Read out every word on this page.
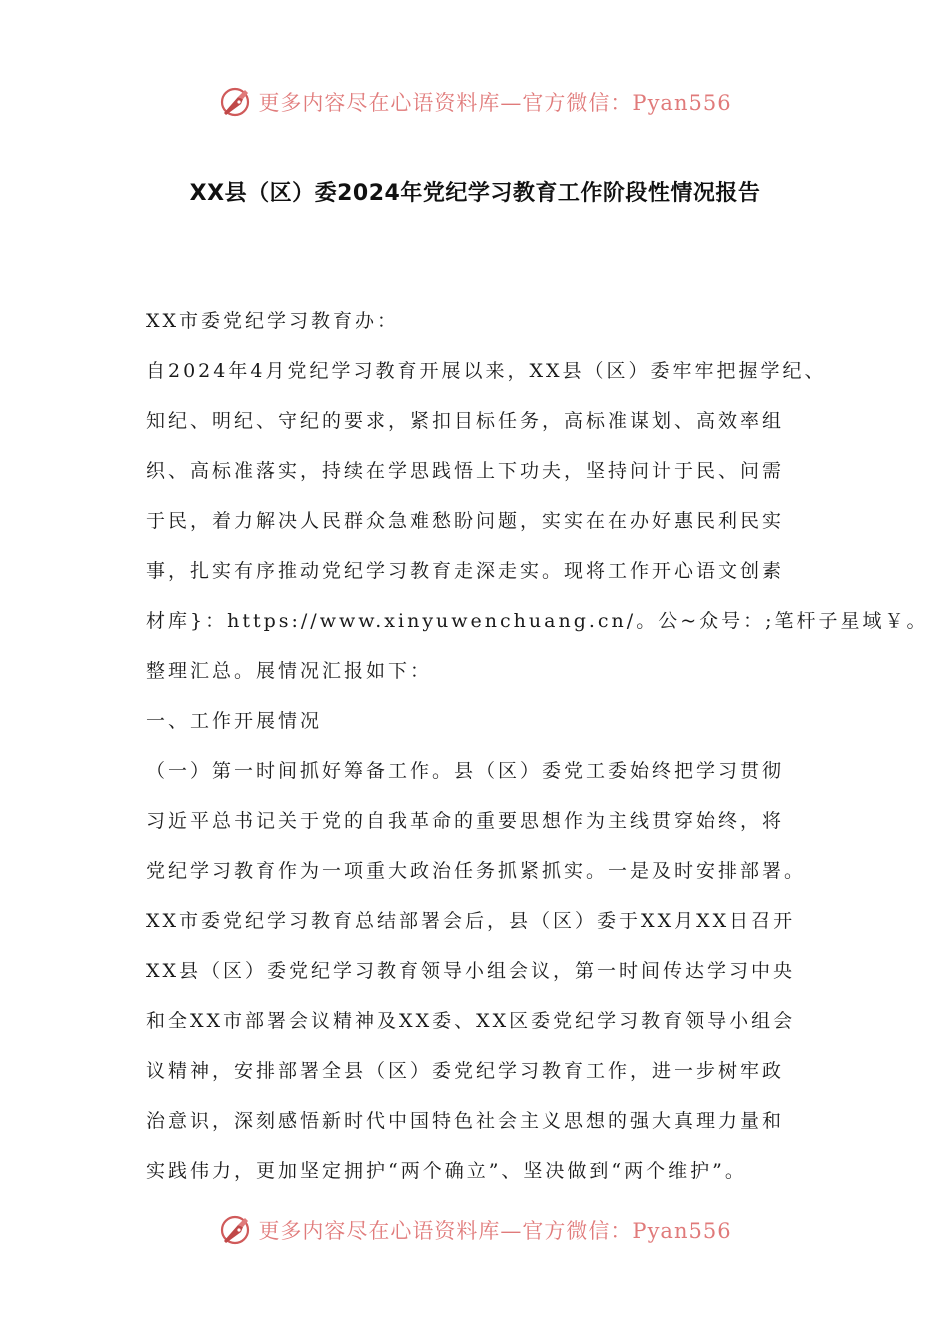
更多内容尽在心语资料库—官方微信：Pyan556
XX县（区）委2024年党纪学习教育工作阶段性情况报告
XX市委党纪学习教育办：
自2024年4月党纪学习教育开展以来，XX县（区）委牢牢把握学纪、
知纪、明纪、守纪的要求，紧扣目标任务，高标准谋划、高效率组
织、高标准落实，持续在学思践悟上下功夫，坚持问计于民、问需
于民，着力解决人民群众急难愁盼问题，实实在在办好惠民利民实
事，扎实有序推动党纪学习教育走深走实。现将工作开心语文创素
材库}：https://www.xinyuwenchuang.cn/。公~众号：;笔杆子星域￥。
整理汇总。展情况汇报如下：
一、工作开展情况
（一）第一时间抓好筹备工作。县（区）委党工委始终把学习贯彻
习近平总书记关于党的自我革命的重要思想作为主线贯穿始终，将
党纪学习教育作为一项重大政治任务抓紧抓实。一是及时安排部署。
XX市委党纪学习教育总结部署会后，县（区）委于XX月XX日召开
XX县（区）委党纪学习教育领导小组会议，第一时间传达学习中央
和全XX市部署会议精神及XX委、XX区委党纪学习教育领导小组会
议精神，安排部署全县（区）委党纪学习教育工作，进一步树牢政
治意识，深刻感悟新时代中国特色社会主义思想的强大真理力量和
实践伟力，更加坚定拥护“两个确立”、坚决做到“两个维护”。
更多内容尽在心语资料库—官方微信：Pyan556
